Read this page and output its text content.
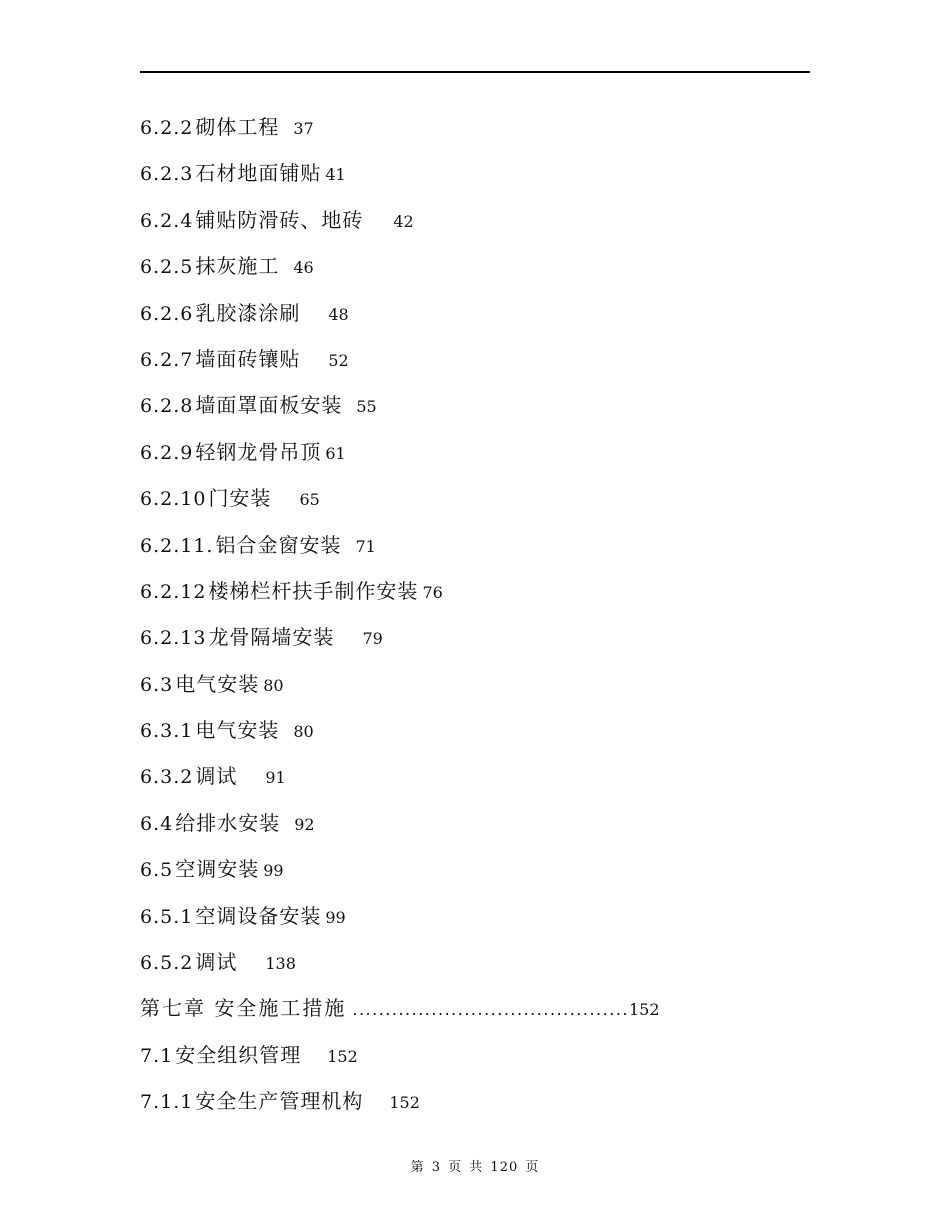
6.2.2 砌体工程 37
6.2.3 石材地面铺贴 41
6.2.4 铺贴防滑砖、地砖 42
6.2.5 抹灰施工 46
6.2.6 乳胶漆涂刷 48
6.2.7 墙面砖镶贴 52
6.2.8 墙面罩面板安装 55
6.2.9 轻钢龙骨吊顶 61
6.2.10 门安装 65
6.2.11. 铝合金窗安装 71
6.2.12 楼梯栏杆扶手制作安装 76
6.2.13 龙骨隔墙安装 79
6.3 电气安装 80
6.3.1 电气安装 80
6.3.2 调试 91
6.4 给排水安装 92
6.5 空调安装 99
6.5.1 空调设备安装 99
6.5.2 调试 138
第七章 安全施工措施 .......................................... 152
7.1 安全组织管理 152
7.1.1 安全生产管理机构 152
第 3 页 共 120 页
